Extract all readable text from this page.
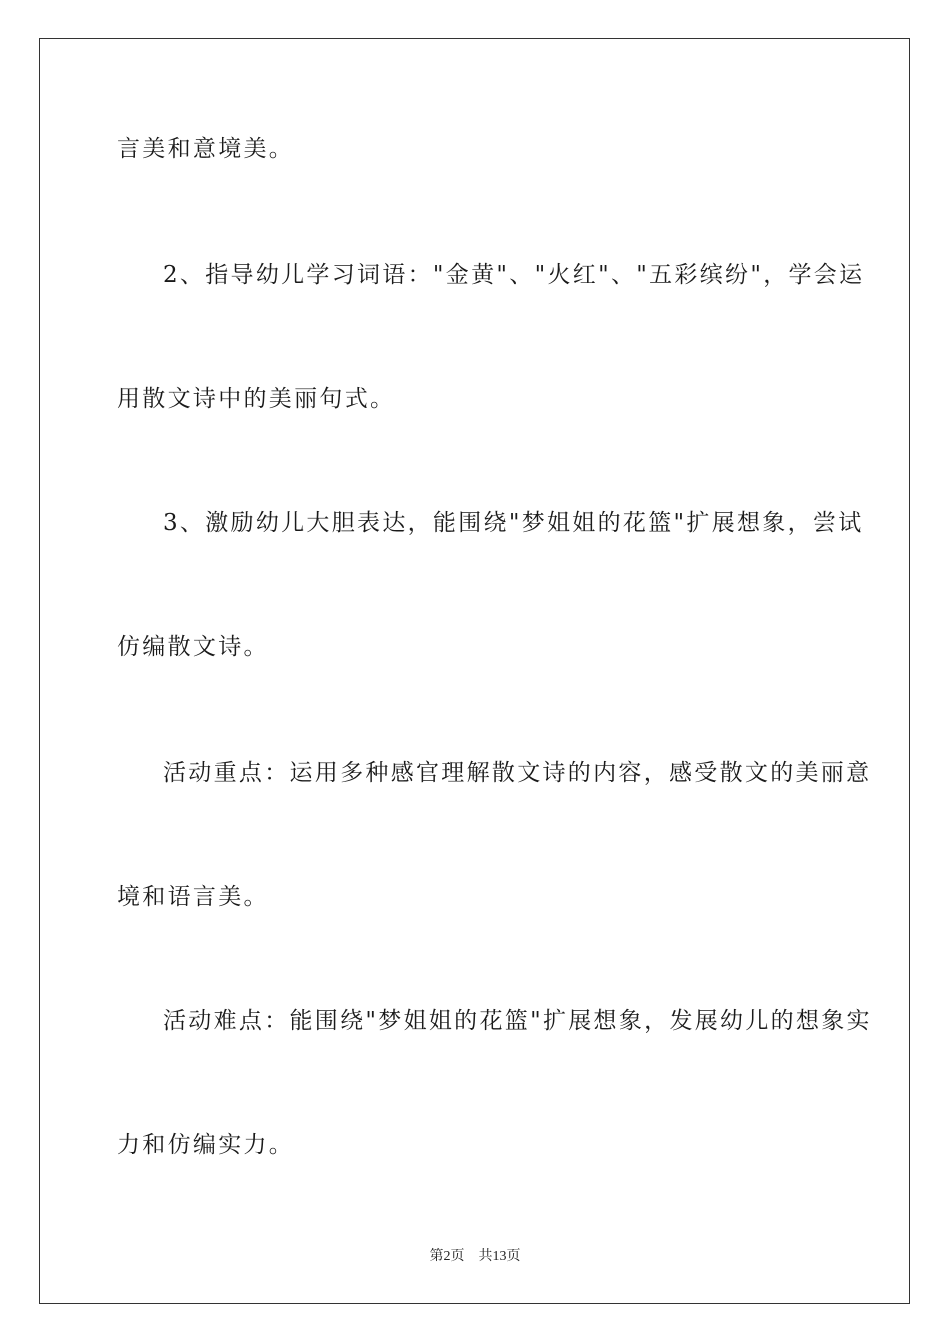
言美和意境美。
2、指导幼儿学习词语："金黄"、"火红"、"五彩缤纷"，学会运
用散文诗中的美丽句式。
3、激励幼儿大胆表达，能围绕"梦姐姐的花篮"扩展想象，尝试
仿编散文诗。
活动重点：运用多种感官理解散文诗的内容，感受散文的美丽意
境和语言美。
活动难点：能围绕"梦姐姐的花篮"扩展想象，发展幼儿的想象实
力和仿编实力。
第2页 共13页
